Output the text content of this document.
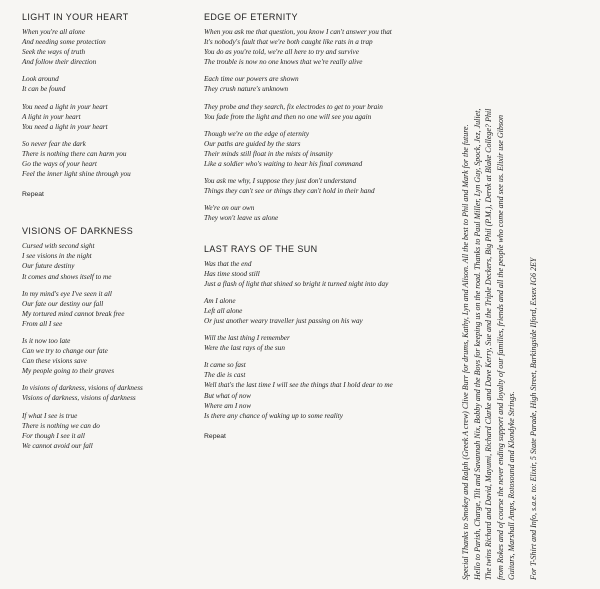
LIGHT IN YOUR HEART
When you're all alone
And needing some protection
Seek the ways of truth
And follow their direction
Look around
It can be found
You need a light in your heart
A light in your heart
You need a light in your heart
So never fear the dark
There is nothing there can harm you
Go the ways of your heart
Feel the inner light shine through you
Repeat
VISIONS OF DARKNESS
Cursed with second sight
I see visions in the night
Our future destiny
It comes and shows itself to me
In my mind's eye I've seen it all
Our fate our destiny our fall
My tortured mind cannot break free
From all I see
Is it now too late
Can we try to change our fate
Can these visions save
My people going to their graves
In visions of darkness, visions of darkness
Visions of darkness, visions of darkness
If what I see is true
There is nothing we can do
For though I see it all
We cannot avoid our fall
EDGE OF ETERNITY
When you ask me that question, you know I can't answer you that
It's nobody's fault that we're both caught like rats in a trap
You do as you're told, we're all here to try and survive
The trouble is now no one knows that we're really alive
Each time our powers are shown
They crush nature's unknown
They probe and they search, fix electrodes to get to your brain
You fade from the light and then no one will see you again
Though we're on the edge of eternity
Our paths are guided by the stars
Their minds still float in the mists of insanity
Like a soldier who's waiting to hear his final command
You ask me why, I suppose they just don't understand
Things they can't see or things they can't hold in their hand
We're on our own
They won't leave us alone
LAST RAYS OF THE SUN
Was that the end
Has time stood still
Just a flash of light that shined so bright it turned night into day
Am I alone
Left all alone
Or just another weary traveller just passing on his way
Will the last thing I remember
Were the last rays of the sun
It came so fast
The die is cast
Well that's the last time I will see the things that I hold dear to me
But what of now
Where am I now
Is there any chance of waking up to some reality
Repeat	Special Thanks to Smokey and Ralph (Greek A crew) Clive Burr for drums, Kathy, Lyn and Alison. All the best to Phil and Mark for the future. Hello to Parish, Charge, Tilt and Savannah Nix, Bobby and the Boys for keeping us on the road. Thanks to Paul Miller, Lyn Guy, Spock, Jez, Juliet, The twins Richard and David, Mayumi, Richard Clarke and Dave Kerry, Sue and the Triple Deckers, Big Phil (P.M.), Derek at Blake College? Phil from Rokes and of course the never ending support and loyalty of our families, friends and all the people who come and see us. Elixir use Gibson Guitars, Marshall Amps, Rotosound and Klondyke Strings. For T-Shirt and Info, s.a.e. to: Elixir, 5 State Parade, High Street, Barkingside Ilford, Essex IG6 2EY
